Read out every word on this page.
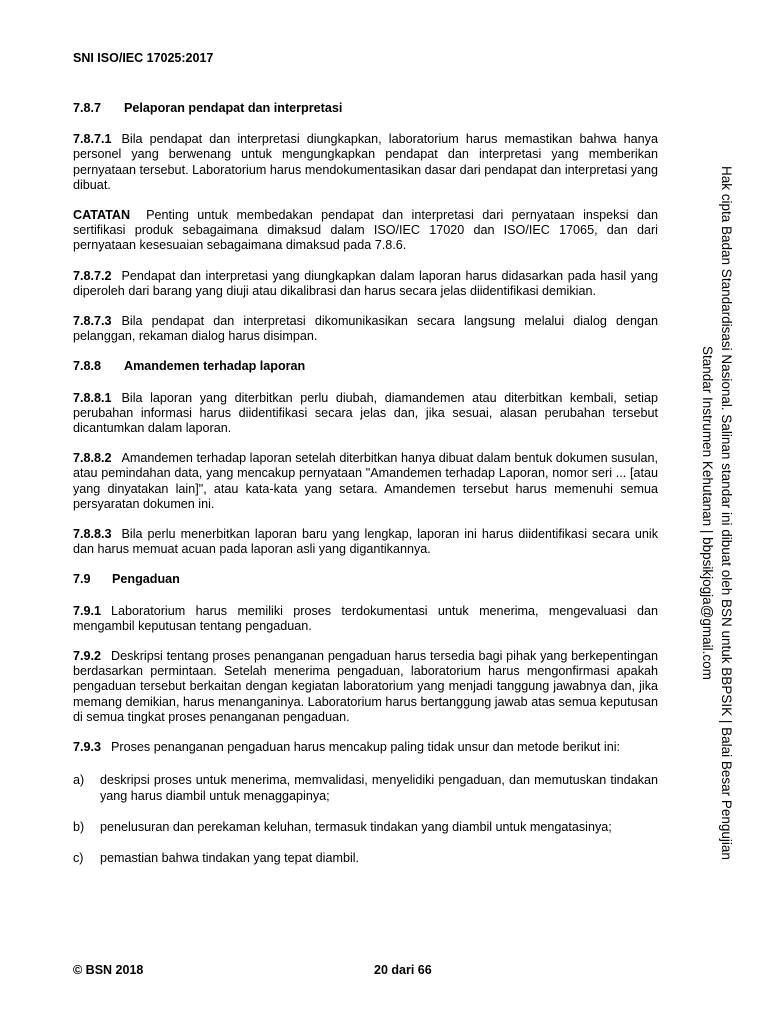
SNI ISO/IEC 17025:2017
7.8.7 Pelaporan pendapat dan interpretasi

7.8.7.1 Bila pendapat dan interpretasi diungkapkan, laboratorium harus memastikan bahwa hanya personel yang berwenang untuk mengungkapkan pendapat dan interpretasi yang memberikan pernyataan tersebut. Laboratorium harus mendokumentasikan dasar dari pendapat dan interpretasi yang dibuat.

CATATAN Penting untuk membedakan pendapat dan interpretasi dari pernyataan inspeksi dan sertifikasi produk sebagaimana dimaksud dalam ISO/IEC 17020 dan ISO/IEC 17065, dan dari pernyataan kesesuaian sebagaimana dimaksud pada 7.8.6.

7.8.7.2 Pendapat dan interpretasi yang diungkapkan dalam laporan harus didasarkan pada hasil yang diperoleh dari barang yang diuji atau dikalibrasi dan harus secara jelas diidentifikasi demikian.

7.8.7.3 Bila pendapat dan interpretasi dikomunikasikan secara langsung melalui dialog dengan pelanggan, rekaman dialog harus disimpan.

7.8.8 Amandemen terhadap laporan

7.8.8.1 Bila laporan yang diterbitkan perlu diubah, diamandemen atau diterbitkan kembali, setiap perubahan informasi harus diidentifikasi secara jelas dan, jika sesuai, alasan perubahan tersebut dicantumkan dalam laporan.

7.8.8.2 Amandemen terhadap laporan setelah diterbitkan hanya dibuat dalam bentuk dokumen susulan, atau pemindahan data, yang mencakup pernyataan "Amandemen terhadap Laporan, nomor seri ... [atau yang dinyatakan lain]", atau kata-kata yang setara. Amandemen tersebut harus memenuhi semua persyaratan dokumen ini.

7.8.8.3 Bila perlu menerbitkan laporan baru yang lengkap, laporan ini harus diidentifikasi secara unik dan harus memuat acuan pada laporan asli yang digantikannya.

7.9 Pengaduan

7.9.1 Laboratorium harus memiliki proses terdokumentasi untuk menerima, mengevaluasi dan mengambil keputusan tentang pengaduan.

7.9.2 Deskripsi tentang proses penanganan pengaduan harus tersedia bagi pihak yang berkepentingan berdasarkan permintaan. Setelah menerima pengaduan, laboratorium harus mengonfirmasi apakah pengaduan tersebut berkaitan dengan kegiatan laboratorium yang menjadi tanggung jawabnya dan, jika memang demikian, harus menanganinya. Laboratorium harus bertanggung jawab atas semua keputusan di semua tingkat proses penanganan pengaduan.

7.9.3 Proses penanganan pengaduan harus mencakup paling tidak unsur dan metode berikut ini:

a)	deskripsi proses untuk menerima, memvalidasi, menyelidiki pengaduan, dan memutuskan tindakan yang harus diambil untuk menaggapinya;
b)	penelusuran dan perekaman keluhan, termasuk tindakan yang diambil untuk mengatasinya;
c)	pemastian bahwa tindakan yang tepat diambil.
© BSN 2018	20 dari 66
Hak cipta Badan Standardisasi Nasional. Salinan standar ini dibuat oleh BSN untuk BBPSIK | Balai Besar Pengujian
Standar Instrumen Kehutanan | bbpsikjogja@gmail.com
